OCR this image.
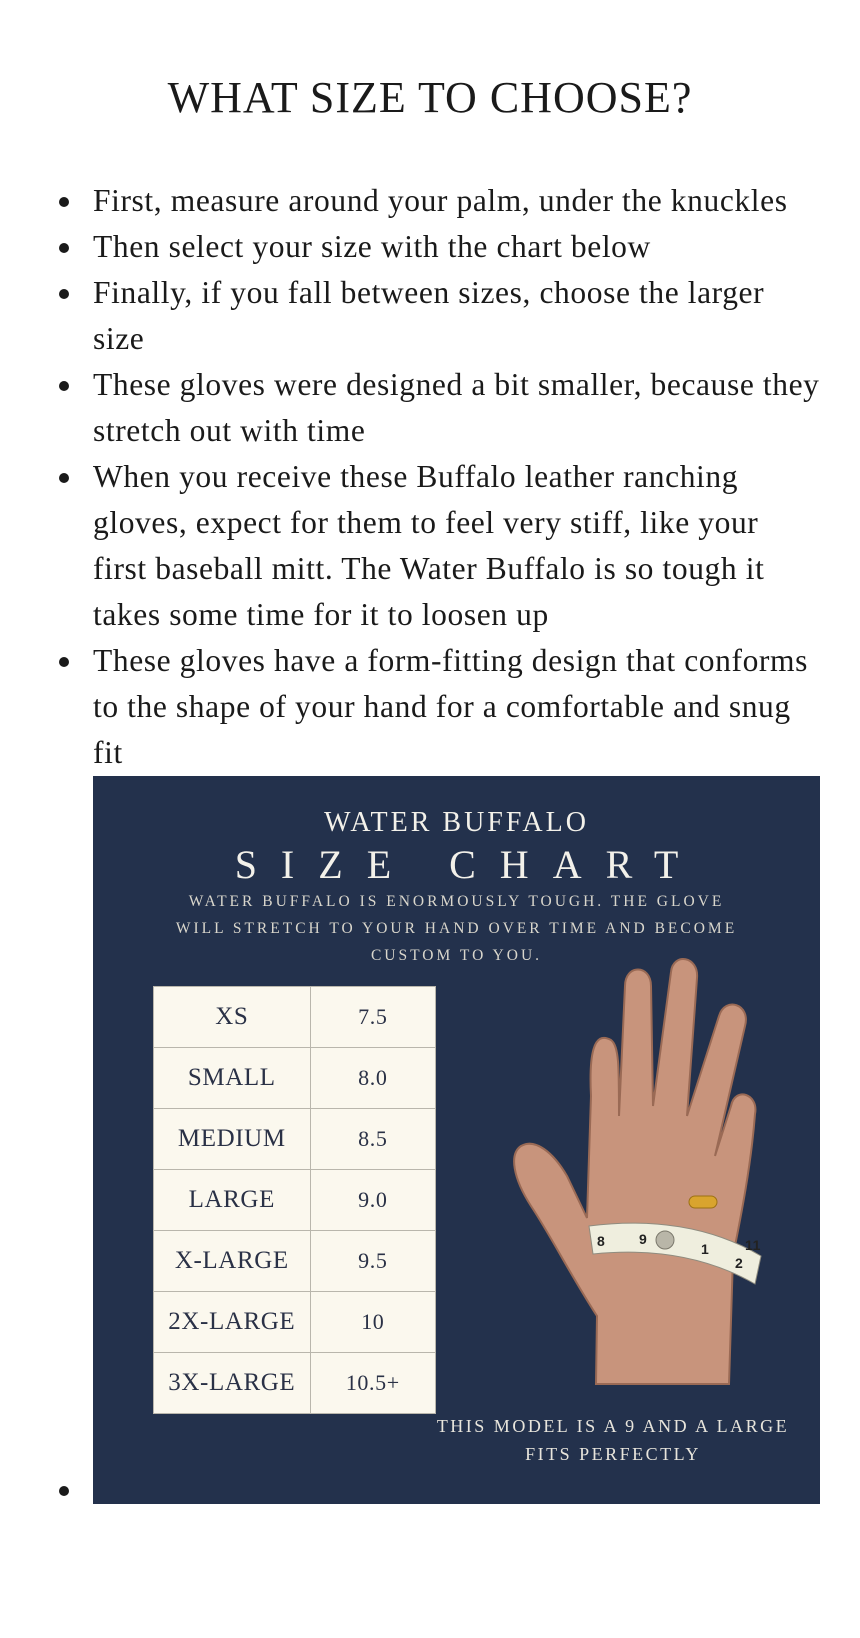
WHAT SIZE TO CHOOSE?
First, measure around your palm, under the knuckles
Then select your size with the chart below
Finally, if you fall between sizes, choose the larger size
These gloves were designed a bit smaller, because they stretch out with time
When you receive these Buffalo leather ranching gloves, expect for them to feel very stiff, like your first baseball mitt. The Water Buffalo is so tough it takes some time for it to loosen up
These gloves have a form-fitting design that conforms to the shape of your hand for a comfortable and snug fit
WATER BUFFALO
SIZE CHART
WATER BUFFALO IS ENORMOUSLY TOUGH. THE GLOVE WILL STRETCH TO YOUR HAND OVER TIME AND BECOME CUSTOM TO YOU.
XS	7.5
SMALL	8.0
MEDIUM	8.5
LARGE	9.0
X-LARGE	9.5
2X-LARGE	10
3X-LARGE	10.5+
8 9
1
2
11
THIS MODEL IS A 9 AND A LARGE FITS PERFECTLY
